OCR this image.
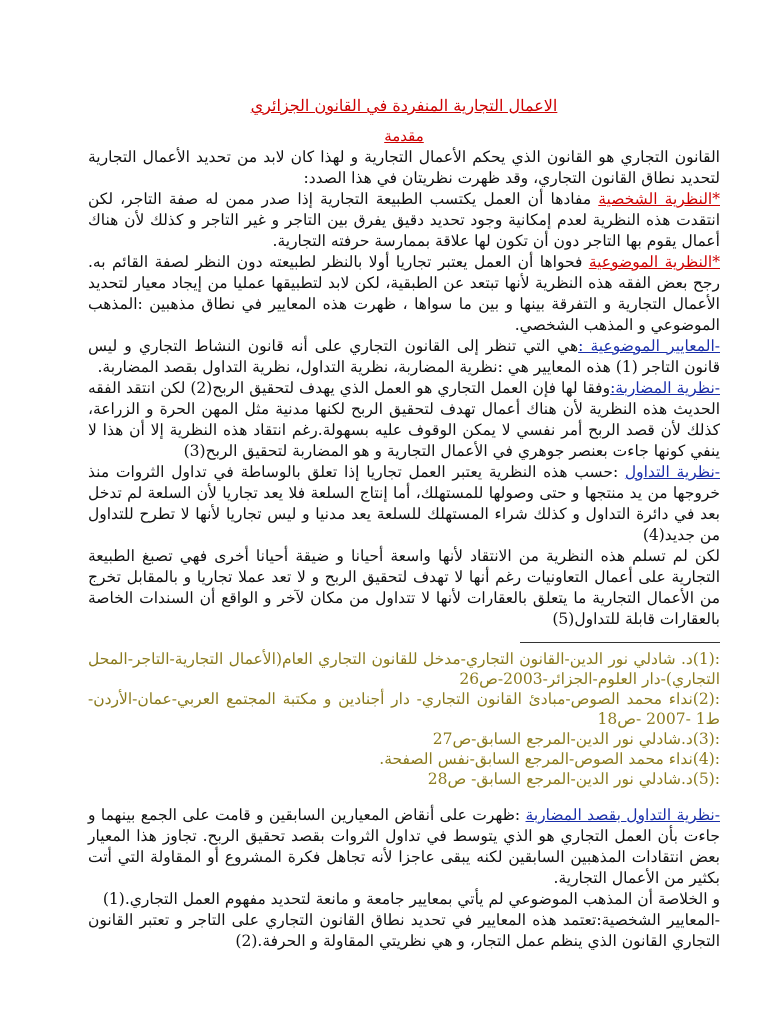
الاعمال التجارية المنفردة في القانون الجزائري
مقدمة

القانون التجاري هو القانون الذي يحكم الأعمال التجارية و لهذا كان لابد من تحديد الأعمال التجارية لتحديد نطاق القانون التجاري، وقد ظهرت نظريتان في هذا الصدد:

*النظرية الشخصية مفادها أن العمل يكتسب الطبيعة التجارية إذا صدر ممن له صفة التاجر، لكن انتقدت هذه النظرية لعدم إمكانية وجود تحديد دقيق يفرق بين التاجر و غير التاجر و كذلك لأن هناك أعمال يقوم بها التاجر دون أن تكون لها علاقة بممارسة حرفته التجارية.

*النظرية الموضوعية فحواها أن العمل يعتبر تجاريا أولا بالنظر لطبيعته دون النظر لصفة القائم به. رجح بعض الفقه هذه النظرية لأنها تبتعد عن الطبقية، لكن لابد لتطبيقها عمليا من إيجاد معيار لتحديد الأعمال التجارية و التفرقة بينها و بين ما سواها ، ظهرت هذه المعايير في نطاق مذهبين :المذهب الموضوعي و المذهب الشخصي.

-المعايير الموضوعية :هي التي تنظر إلى القانون التجاري على أنه قانون النشاط التجاري و ليس قانون التاجر (1) هذه المعايير هي :نظرية المضاربة، نظرية التداول، نظرية التداول بقصد المضاربة.

-نظرية المضاربة:وفقا لها فإن العمل التجاري هو العمل الذي يهدف لتحقيق الربح(2) لكن انتقد الفقه الحديث هذه النظرية لأن هناك أعمال تهدف لتحقيق الربح لكنها مدنية مثل المهن الحرة و الزراعة، كذلك لأن قصد الربح أمر نفسي لا يمكن الوقوف عليه بسهولة.رغم انتقاد هذه النظرية إلا أن هذا لا ينفي كونها جاءت بعنصر جوهري في الأعمال التجارية و هو المضاربة لتحقيق الربح(3)

-نظرية التداول :حسب هذه النظرية يعتبر العمل تجاريا إذا تعلق بالوساطة في تداول الثروات منذ خروجها من يد منتجها و حتى وصولها للمستهلك، أما إنتاج السلعة فلا يعد تجاريا لأن السلعة لم تدخل بعد في دائرة التداول و كذلك شراء المستهلك للسلعة يعد مدنيا و ليس تجاريا لأنها لا تطرح للتداول من جديد(4)

لكن لم تسلم هذه النظرية من الانتقاد لأنها واسعة أحيانا و ضيقة أحيانا أخرى فهي تصبغ الطبيعة التجارية على أعمال التعاونيات رغم أنها لا تهدف لتحقيق الربح و لا تعد عملا تجاريا و بالمقابل تخرج من الأعمال التجارية ما يتعلق بالعقارات لأنها لا تتداول من مكان لآخر و الواقع أن السندات الخاصة بالعقارات قابلة للتداول(5)

:(1)د. شادلي نور الدين-القانون التجاري-مدخل للقانون التجاري العام(الأعمال التجارية-التاجر-المحل التجاري)-دار العلوم-الجزائر-2003-ص26

:(2)نداء محمد الصوص-مبادئ القانون التجاري- دار أجنادين و مكتبة المجتمع العربي-عمان-الأردن-ط1 -2007 -ص18

:(3)د.شادلي نور الدين-المرجع السابق-ص27

:(4)نداء محمد الصوص-المرجع السابق-نفس الصفحة.

:(5)د.شادلي نور الدين-المرجع السابق- ص28

-نظرية التداول بقصد المضاربة :ظهرت على أنقاض المعيارين السابقين و قامت على الجمع بينهما و جاءت بأن العمل التجاري هو الذي يتوسط في تداول الثروات بقصد تحقيق الربح. تجاوز هذا المعيار بعض انتقادات المذهبين السابقين لكنه يبقى عاجزا لأنه تجاهل فكرة المشروع أو المقاولة التي أتت بكثير من الأعمال التجارية.

و الخلاصة أن المذهب الموضوعي لم يأتي بمعايير جامعة و مانعة لتحديد مفهوم العمل التجاري.(1)

-المعايير الشخصية:تعتمد هذه المعايير في تحديد نطاق القانون التجاري على التاجر و تعتبر القانون التجاري القانون الذي ينظم عمل التجار، و هي نظريتي المقاولة و الحرفة.(2)
